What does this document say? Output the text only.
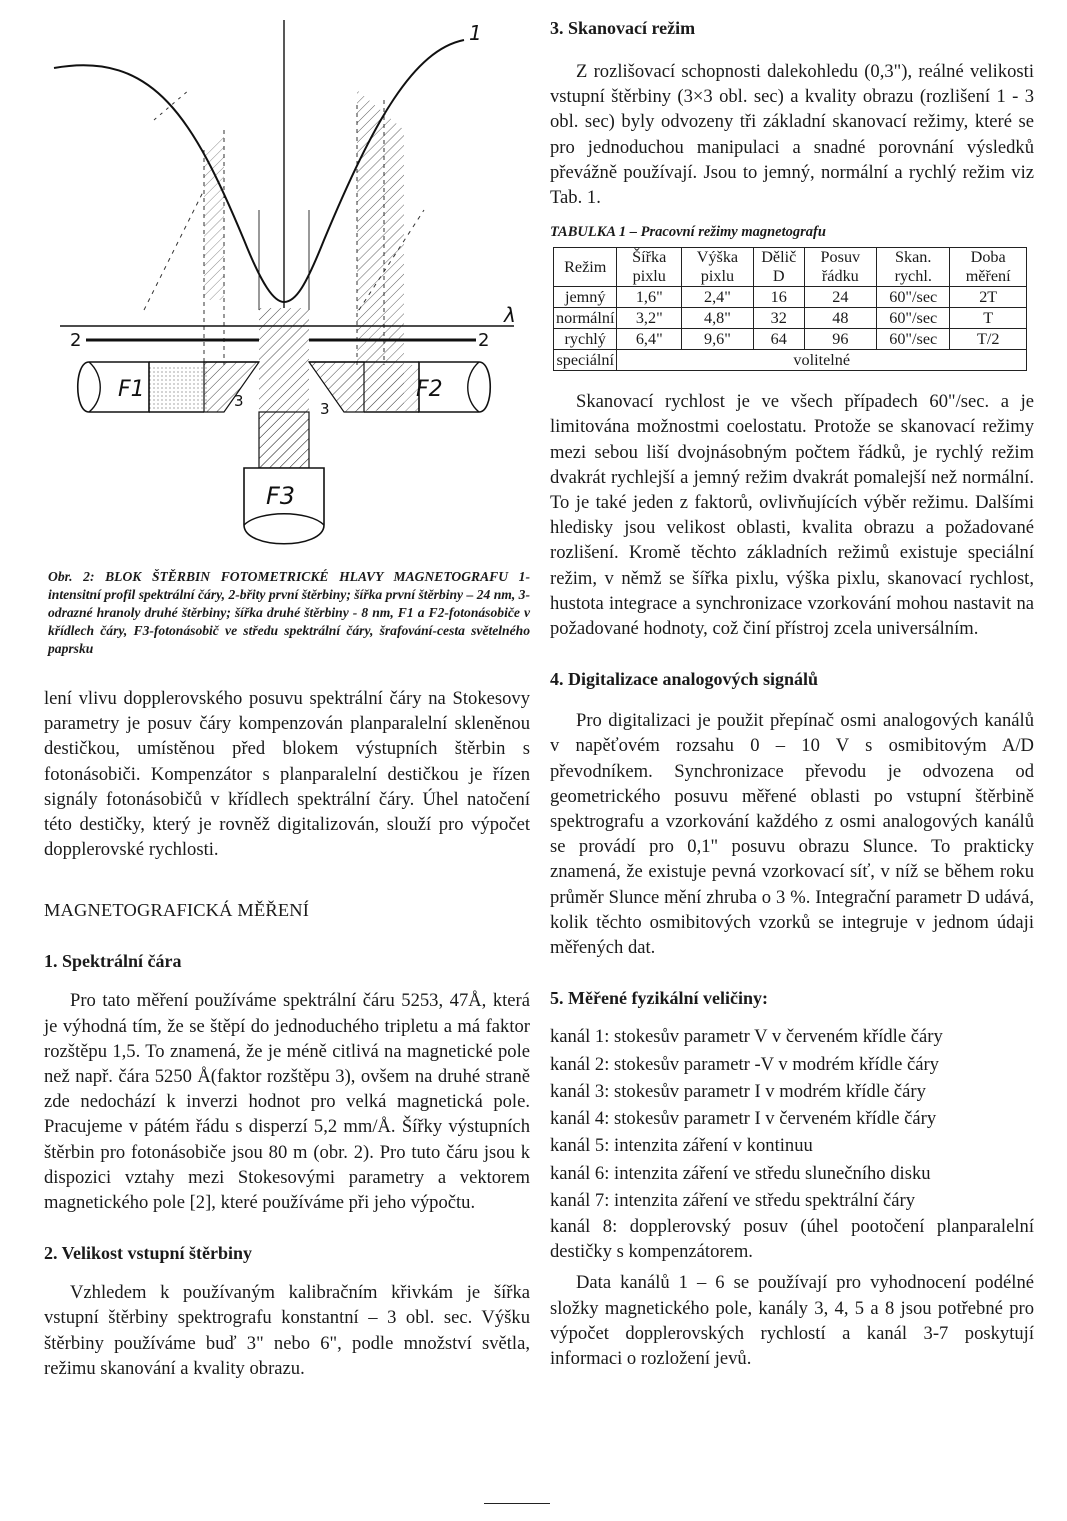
1
λ
2	2
3	3
F1	F2
F3

Obr. 2: BLOK ŠTĚRBIN FOTOMETRICKÉ HLAVY MAGNETOGRAFU 1-intensitní profil spektrální čáry, 2-břity první štěrbiny; šířka první štěrbiny – 24 nm, 3-odrazné hranoly druhé štěrbiny; šířka druhé štěrbiny - 8 nm, F1 a F2-fotonásobiče v křídlech čáry, F3-fotonásobič ve středu spektrální čáry, šrafování-cesta světelného paprsku

lení vlivu dopplerovského posuvu spektrální čáry na Stokesovy parametry je posuv čáry kompenzován planparalelní skleněnou destičkou, umístěnou před blokem výstupních štěrbin s fotonásobiči. Kompenzátor s planparalelní destičkou je řízen signály fotonásobičů v křídlech spektrální čáry. Úhel natočení této destičky, který je rovněž digitalizován, slouží pro výpočet dopplerovské rychlosti.

MAGNETOGRAFICKÁ MĚŘENÍ
1. Spektrální čára

Pro tato měření používáme spektrální čáru 5253, 47Å, která je výhodná tím, že se štěpí do jednoduchého tripletu a má faktor rozštěpu 1,5. To znamená, že je méně citlivá na magnetické pole než např. čára 5250 Å(faktor rozštěpu 3), ovšem na druhé straně zde nedochází k inverzi hodnot pro velká magnetická pole. Pracujeme v pátém řádu s disperzí 5,2 mm/Å. Šířky výstupních štěrbin pro fotonásobiče jsou 80 m (obr. 2). Pro tuto čáru jsou k dispozici vztahy mezi Stokesovými parametry a vektorem magnetického pole [2], které používáme při jeho výpočtu.

2. Velikost vstupní štěrbiny

Vzhledem k používaným kalibračním křivkám je šířka vstupní štěrbiny spektrografu konstantní – 3 obl. sec. Výšku štěrbiny používáme buď 3" nebo 6", podle množství světla, režimu skanování a kvality obrazu.

3. Skanovací režim

Z rozlišovací schopnosti dalekohledu (0,3"), reálné velikosti vstupní štěrbiny (3×3 obl. sec) a kvality obrazu (rozlišení 1 - 3 obl. sec) byly odvozeny tři základní skanovací režimy, které se pro jednoduchou manipulaci a snadné porovnání výsledků převážně používají. Jsou to jemný, normální a rychlý režim viz Tab. 1.

TABULKA 1 – Pracovní režimy magnetografu
Režim	Šířka pixlu	Výška pixlu	Dělič D	Posuv řádku	Skan. rychl.	Doba měření
jemný	1,6"	2,4"	16	24	60"/sec	2T
normální	3,2"	4,8"	32	48	60"/sec	T
rychlý	6,4"	9,6"	64	96	60"/sec	T/2
speciální	volitelné					

Skanovací rychlost je ve všech případech 60"/sec. a je limitována možnostmi coelostatu. Protože se skanovací režimy mezi sebou liší dvojnásobným počtem řádků, je rychlý režim dvakrát rychlejší a jemný režim dvakrát pomalejší než normální. To je také jeden z faktorů, ovlivňujících výběr režimu. Dalšími hledisky jsou velikost oblasti, kvalita obrazu a požadované rozlišení. Kromě těchto základních režimů existuje speciální režim, v němž se šířka pixlu, výška pixlu, skanovací rychlost, hustota integrace a synchronizace vzorkování mohou nastavit na požadované hodnoty, což činí přístroj zcela universálním.

4. Digitalizace analogových signálů

Pro digitalizaci je použit přepínač osmi analogových kanálů v napěťovém rozsahu 0 – 10 V s osmibitovým A/D převodníkem. Synchronizace převodu je odvozena od geometrického posuvu měřené oblasti po vstupní štěrbině spektrografu a vzorkování každého z osmi analogových kanálů se provádí pro 0,1" posuvu obrazu Slunce. To prakticky znamená, že existuje pevná vzorkovací síť, v níž se během roku průměr Slunce mění zhruba o 3 %. Integrační parametr D udává, kolik těchto osmibitových vzorků se integruje v jednom údaji měřených dat.

5. Měřené fyzikální veličiny:

kanál 1: stokesův parametr V v červeném křídle čáry

kanál 2: stokesův parametr -V v modrém křídle čáry

kanál 3: stokesův parametr I v modrém křídle čáry

kanál 4: stokesův parametr I v červeném křídle čáry

kanál 5: intenzita záření v kontinuu

kanál 6: intenzita záření ve středu slunečního disku

kanál 7: intenzita záření ve středu spektrální čáry

kanál 8: dopplerovský posuv (úhel pootočení planparalelní destičky s kompenzátorem.

Data kanálů 1 – 6 se používají pro vyhodnocení podélné složky magnetického pole, kanály 3, 4, 5 a 8 jsou potřebné pro výpočet dopplerovských rychlostí a kanál 3-7 poskytují informaci o rozložení jevů.
